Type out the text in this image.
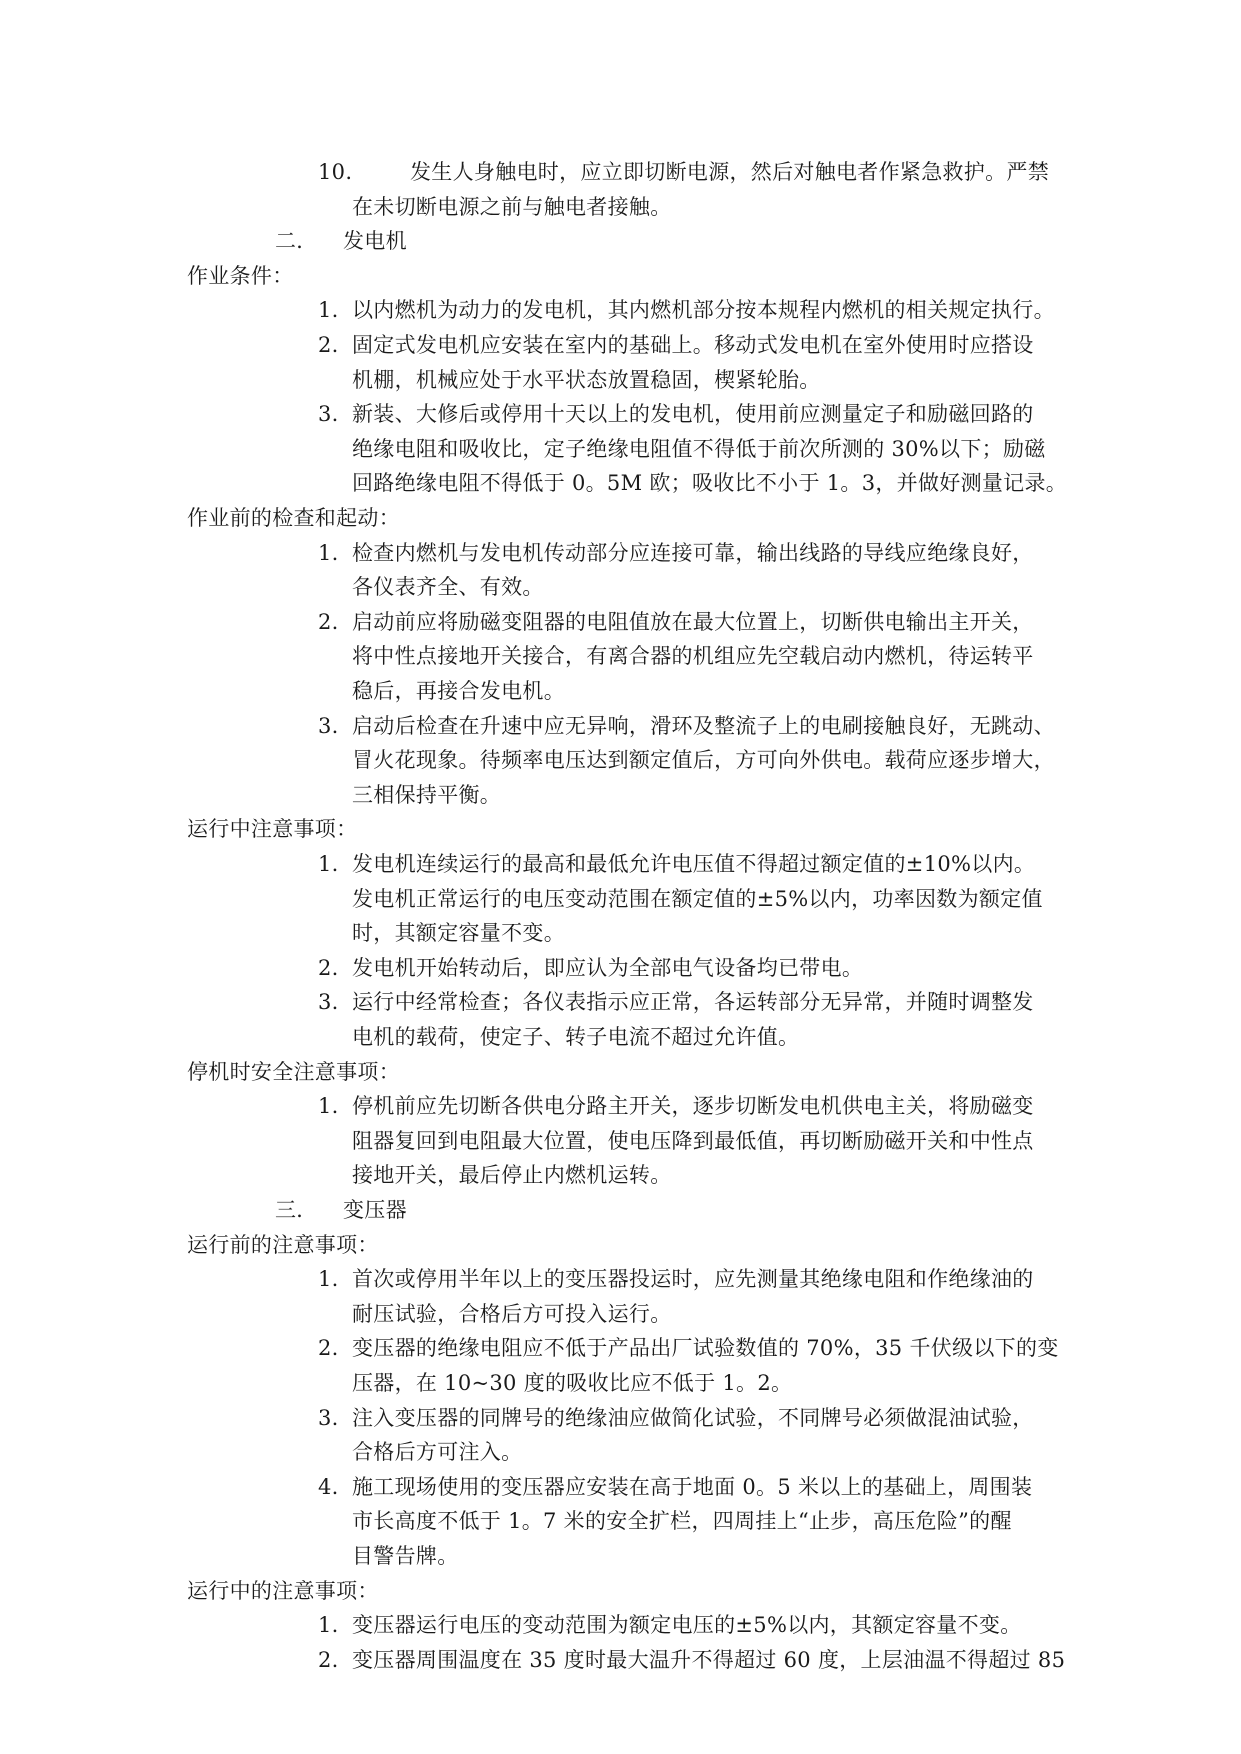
10.	发生人身触电时，应立即切断电源，然后对触电者作紧急救护。严禁
在未切断电源之前与触电者接触。
二． 发电机
作业条件：
1. 以内燃机为动力的发电机，其内燃机部分按本规程内燃机的相关规定执行。
2. 固定式发电机应安装在室内的基础上。移动式发电机在室外使用时应搭设
机棚，机械应处于水平状态放置稳固，楔紧轮胎。
3. 新装、大修后或停用十天以上的发电机，使用前应测量定子和励磁回路的
绝缘电阻和吸收比，定子绝缘电阻值不得低于前次所测的 30%以下；励磁
回路绝缘电阻不得低于 0。5M 欧；吸收比不小于 1。3，并做好测量记录。
作业前的检查和起动：
1. 检查内燃机与发电机传动部分应连接可靠，输出线路的导线应绝缘良好，
各仪表齐全、有效。
2. 启动前应将励磁变阻器的电阻值放在最大位置上，切断供电输出主开关，
将中性点接地开关接合，有离合器的机组应先空载启动内燃机，待运转平
稳后，再接合发电机。
3. 启动后检查在升速中应无异响，滑环及整流子上的电刷接触良好，无跳动、
冒火花现象。待频率电压达到额定值后，方可向外供电。载荷应逐步增大，
三相保持平衡。
运行中注意事项：
1. 发电机连续运行的最高和最低允许电压值不得超过额定值的±10%以内。
发电机正常运行的电压变动范围在额定值的±5%以内，功率因数为额定值
时，其额定容量不变。
2. 发电机开始转动后，即应认为全部电气设备均已带电。
3. 运行中经常检查；各仪表指示应正常，各运转部分无异常，并随时调整发
电机的载荷，使定子、转子电流不超过允许值。
停机时安全注意事项：
1. 停机前应先切断各供电分路主开关，逐步切断发电机供电主关，将励磁变
阻器复回到电阻最大位置，使电压降到最低值，再切断励磁开关和中性点
接地开关，最后停止内燃机运转。
三． 变压器
运行前的注意事项：
1. 首次或停用半年以上的变压器投运时，应先测量其绝缘电阻和作绝缘油的
耐压试验，合格后方可投入运行。
2. 变压器的绝缘电阻应不低于产品出厂试验数值的 70%，35 千伏级以下的变
压器，在 10~30 度的吸收比应不低于 1。2。
3. 注入变压器的同牌号的绝缘油应做简化试验，不同牌号必须做混油试验，
合格后方可注入。
4. 施工现场使用的变压器应安装在高于地面 0。5 米以上的基础上，周围装
市长高度不低于 1。7 米的安全扩栏，四周挂上“止步，高压危险”的醒
目警告牌。
运行中的注意事项：
1. 变压器运行电压的变动范围为额定电压的±5%以内，其额定容量不变。
2. 变压器周围温度在 35 度时最大温升不得超过 60 度，上层油温不得超过 85
